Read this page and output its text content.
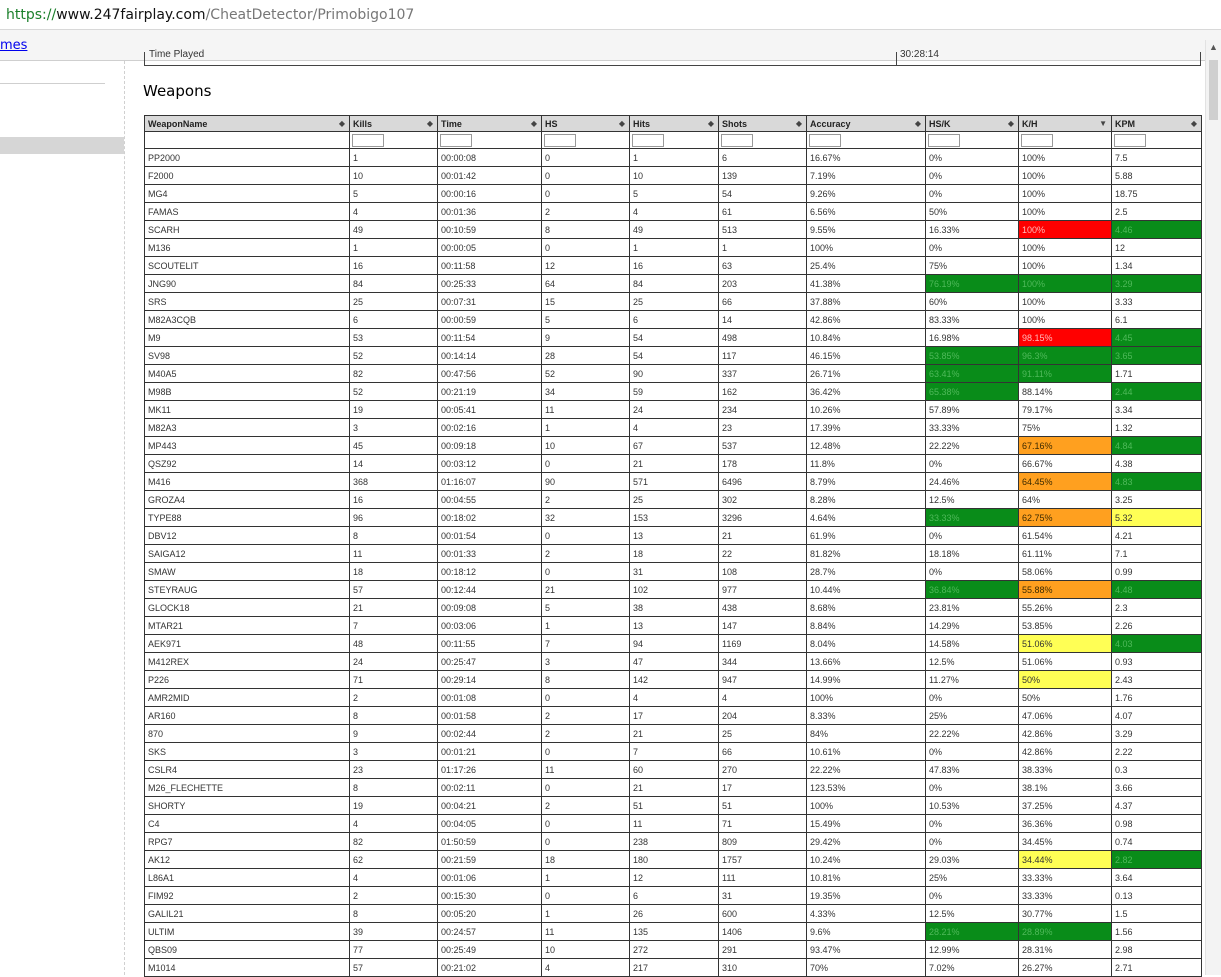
https://www.247fairplay.com/CheatDetector/Primobigo107
mes	▲
Time Played	30:28:14
Weapons
WeaponName ◆	Kills ◆	Time ◆	HS ◆	Hits ◆	Shots ◆	Accuracy ◆	HS/K ◆	K/H ▼	KPM ◆

PP2000	1	00:00:08	0	1	6	16.67%	0%	100%	7.5
F2000	10	00:01:42	0	10	139	7.19%	0%	100%	5.88
MG4	5	00:00:16	0	5	54	9.26%	0%	100%	18.75
FAMAS	4	00:01:36	2	4	61	6.56%	50%	100%	2.5
SCARH	49	00:10:59	8	49	513	9.55%	16.33%	100%	4.46
M136	1	00:00:05	0	1	1	100%	0%	100%	12
SCOUTELIT	16	00:11:58	12	16	63	25.4%	75%	100%	1.34
JNG90	84	00:25:33	64	84	203	41.38%	76.19%	100%	3.29
SRS	25	00:07:31	15	25	66	37.88%	60%	100%	3.33
M82A3CQB	6	00:00:59	5	6	14	42.86%	83.33%	100%	6.1
M9	53	00:11:54	9	54	498	10.84%	16.98%	98.15%	4.45
SV98	52	00:14:14	28	54	117	46.15%	53.85%	96.3%	3.65
M40A5	82	00:47:56	52	90	337	26.71%	63.41%	91.11%	1.71
M98B	52	00:21:19	34	59	162	36.42%	65.38%	88.14%	2.44
MK11	19	00:05:41	11	24	234	10.26%	57.89%	79.17%	3.34
M82A3	3	00:02:16	1	4	23	17.39%	33.33%	75%	1.32
MP443	45	00:09:18	10	67	537	12.48%	22.22%	67.16%	4.84
QSZ92	14	00:03:12	0	21	178	11.8%	0%	66.67%	4.38
M416	368	01:16:07	90	571	6496	8.79%	24.46%	64.45%	4.83
GROZA4	16	00:04:55	2	25	302	8.28%	12.5%	64%	3.25
TYPE88	96	00:18:02	32	153	3296	4.64%	33.33%	62.75%	5.32
DBV12	8	00:01:54	0	13	21	61.9%	0%	61.54%	4.21
SAIGA12	11	00:01:33	2	18	22	81.82%	18.18%	61.11%	7.1
SMAW	18	00:18:12	0	31	108	28.7%	0%	58.06%	0.99
STEYRAUG	57	00:12:44	21	102	977	10.44%	36.84%	55.88%	4.48
GLOCK18	21	00:09:08	5	38	438	8.68%	23.81%	55.26%	2.3
MTAR21	7	00:03:06	1	13	147	8.84%	14.29%	53.85%	2.26
AEK971	48	00:11:55	7	94	1169	8.04%	14.58%	51.06%	4.03
M412REX	24	00:25:47	3	47	344	13.66%	12.5%	51.06%	0.93
P226	71	00:29:14	8	142	947	14.99%	11.27%	50%	2.43
AMR2MID	2	00:01:08	0	4	4	100%	0%	50%	1.76
AR160	8	00:01:58	2	17	204	8.33%	25%	47.06%	4.07
870	9	00:02:44	2	21	25	84%	22.22%	42.86%	3.29
SKS	3	00:01:21	0	7	66	10.61%	0%	42.86%	2.22
CSLR4	23	01:17:26	11	60	270	22.22%	47.83%	38.33%	0.3
M26_FLECHETTE	8	00:02:11	0	21	17	123.53%	0%	38.1%	3.66
SHORTY	19	00:04:21	2	51	51	100%	10.53%	37.25%	4.37
C4	4	00:04:05	0	11	71	15.49%	0%	36.36%	0.98
RPG7	82	01:50:59	0	238	809	29.42%	0%	34.45%	0.74
AK12	62	00:21:59	18	180	1757	10.24%	29.03%	34.44%	2.82
L86A1	4	00:01:06	1	12	111	10.81%	25%	33.33%	3.64
FIM92	2	00:15:30	0	6	31	19.35%	0%	33.33%	0.13
GALIL21	8	00:05:20	1	26	600	4.33%	12.5%	30.77%	1.5
ULTIM	39	00:24:57	11	135	1406	9.6%	28.21%	28.89%	1.56
QBS09	77	00:25:49	10	272	291	93.47%	12.99%	28.31%	2.98
M1014	57	00:21:02	4	217	310	70%	7.02%	26.27%	2.71
